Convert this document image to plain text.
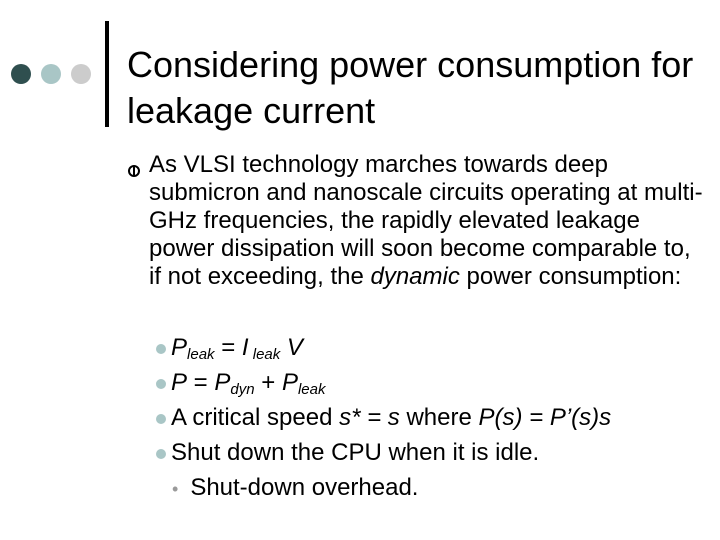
Considering power consumption for leakage current

As VLSI technology marches towards deep submicron and nanoscale circuits operating at multi-GHz frequencies, the rapidly elevated leakage power dissipation will soon become comparable to, if not exceeding, the dynamic power consumption:

$P_{leak} = I$ $_{leak}$ V
$P = P_{dyn} + P_{leak}$
A critical speed s* = s where P(s) = P’(s)s
Shut down the CPU when it is idle.
• Shut-down overhead.
